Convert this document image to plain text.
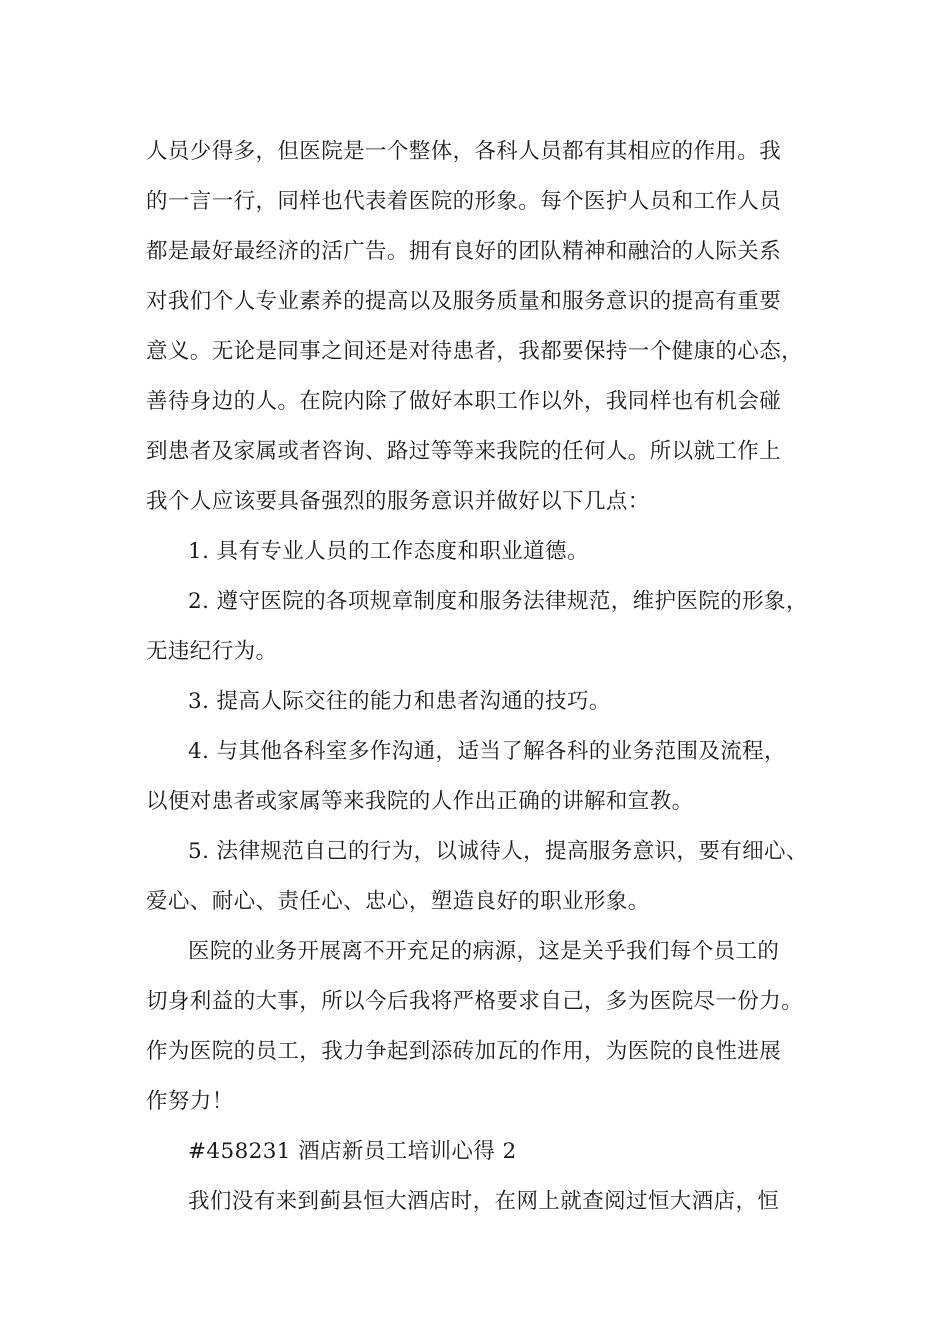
人员少得多，但医院是一个整体，各科人员都有其相应的作用。我
的一言一行，同样也代表着医院的形象。每个医护人员和工作人员
都是最好最经济的活广告。拥有良好的团队精神和融洽的人际关系
对我们个人专业素养的提高以及服务质量和服务意识的提高有重要
意义。无论是同事之间还是对待患者，我都要保持一个健康的心态，
善待身边的人。在院内除了做好本职工作以外，我同样也有机会碰
到患者及家属或者咨询、路过等等来我院的任何人。所以就工作上
我个人应该要具备强烈的服务意识并做好以下几点：
1. 具有专业人员的工作态度和职业道德。
2. 遵守医院的各项规章制度和服务法律规范，维护医院的形象，
无违纪行为。
3. 提高人际交往的能力和患者沟通的技巧。
4. 与其他各科室多作沟通，适当了解各科的业务范围及流程，
以便对患者或家属等来我院的人作出正确的讲解和宣教。
5. 法律规范自己的行为，以诚待人，提高服务意识，要有细心、
爱心、耐心、责任心、忠心，塑造良好的职业形象。
医院的业务开展离不开充足的病源，这是关乎我们每个员工的
切身利益的大事，所以今后我将严格要求自己，多为医院尽一份力。
作为医院的员工，我力争起到添砖加瓦的作用，为医院的良性进展
作努力！
#458231 酒店新员工培训心得 2
我们没有来到蓟县恒大酒店时，在网上就查阅过恒大酒店，恒
